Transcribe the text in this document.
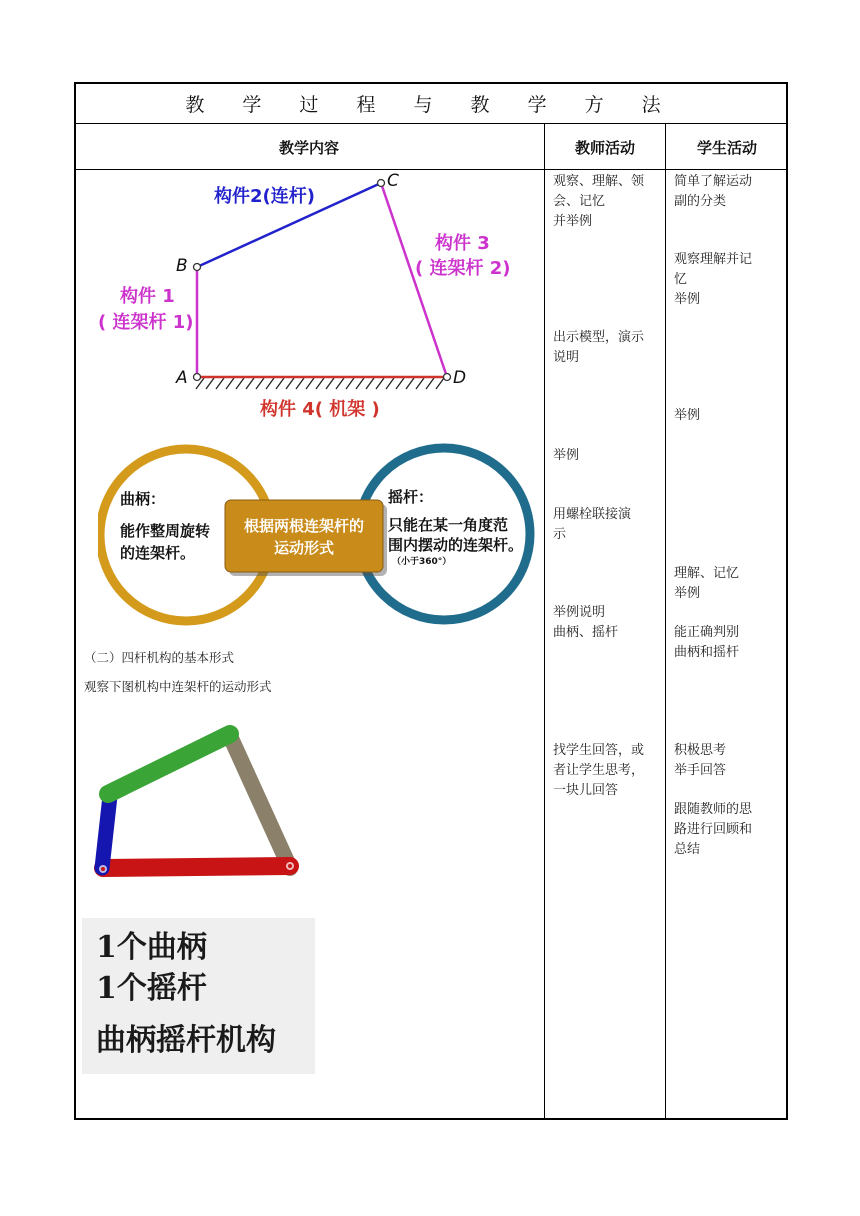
教 学 过 程 与 教 学 方 法
教学内容	教师活动	学生活动
A
B
C
D
构件2(连杆)
构件 3
( 连架杆 2)
构件 1
( 连架杆 1)
构件 4( 机架 )
曲柄：
能作整周旋转
的连架杆。
根据两根连架杆的
运动形式
摇杆：
只能在某一角度范
围内摆动的连架杆。
（小于360°）
（二）四杆机构的基本形式
观察下图机构中连架杆的运动形式
1个曲柄
1个摇杆
曲柄摇杆机构
观察、理解、领
会、记忆
并举例
出示模型，演示
说明
举例
用螺栓联接演
示
举例说明
曲柄、摇杆
找学生回答，或
者让学生思考，
一块儿回答
简单了解运动
副的分类
观察理解并记
忆
举例
举例
理解、记忆
举例
能正确判别
曲柄和摇杆
积极思考
举手回答
跟随教师的思
路进行回顾和
总结
